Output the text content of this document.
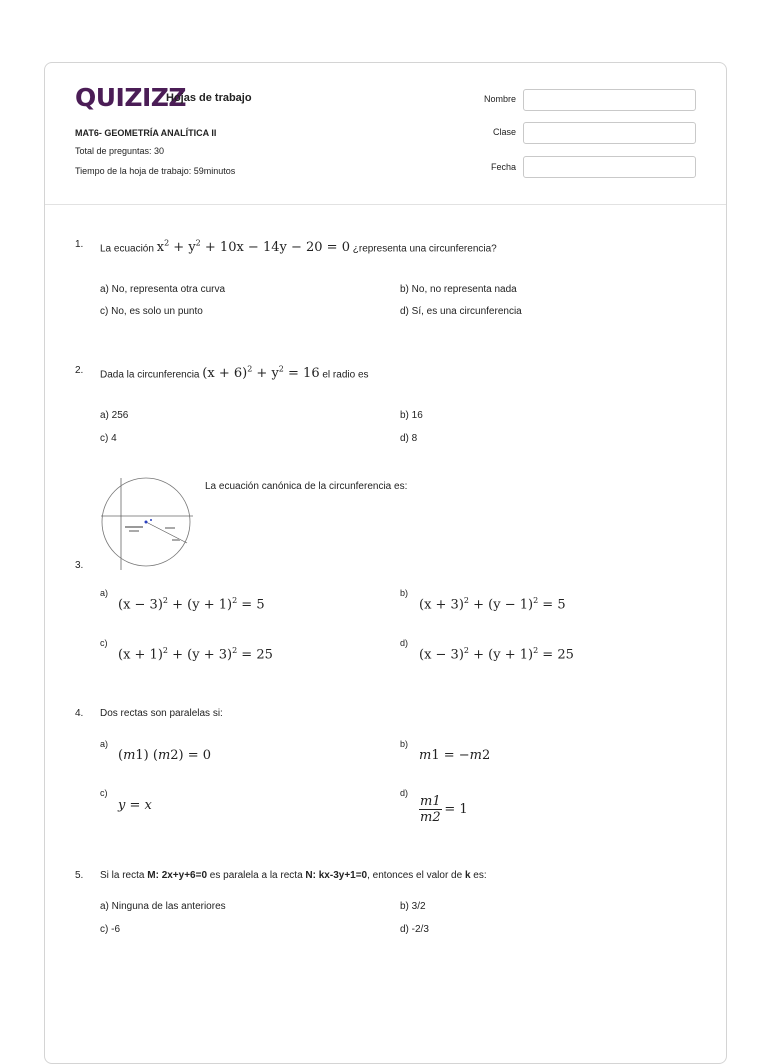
QUIZIZZ
Hojas de trabajo
MAT6- GEOMETRÍA ANALÍTICA II
Total de preguntas: 30
Tiempo de la hoja de trabajo: 59minutos
Nombre
Clase
Fecha
1. La ecuación $x^2 + y^2 + 10x - 14y - 20 = 0$ ¿representa una circunferencia?
a) No, representa otra curva	b) No, no representa nada
c) No, es solo un punto	d) Sí, es una circunferencia
2. Dada la circunferencia $(x + 6)^2 + y^2 = 16$ el radio es
a) 256	b) 16
c) 4	d) 8
La ecuación canónica de la circunferencia es:
3.
a)
$(x - 3)^2 + (y + 1)^2 = 5$
b)
$(x + 3)^2 + (y - 1)^2 = 5$
c)
$(x + 1)^2 + (y + 3)^2 = 25$
d)
$(x - 3)^2 + (y + 1)^2 = 25$
4. Dos rectas son paralelas si:
a)
(m1) (m2) = 0
b)
m1 = −m2
c)
y = x
d)
$\frac{m1}{m2} = 1$
5. Si la recta M: 2x+y+6=0 es paralela a la recta N: kx-3y+1=0, entonces el valor de k es:
a) Ninguna de las anteriores	b) 3/2
c) -6	d) -2/3
